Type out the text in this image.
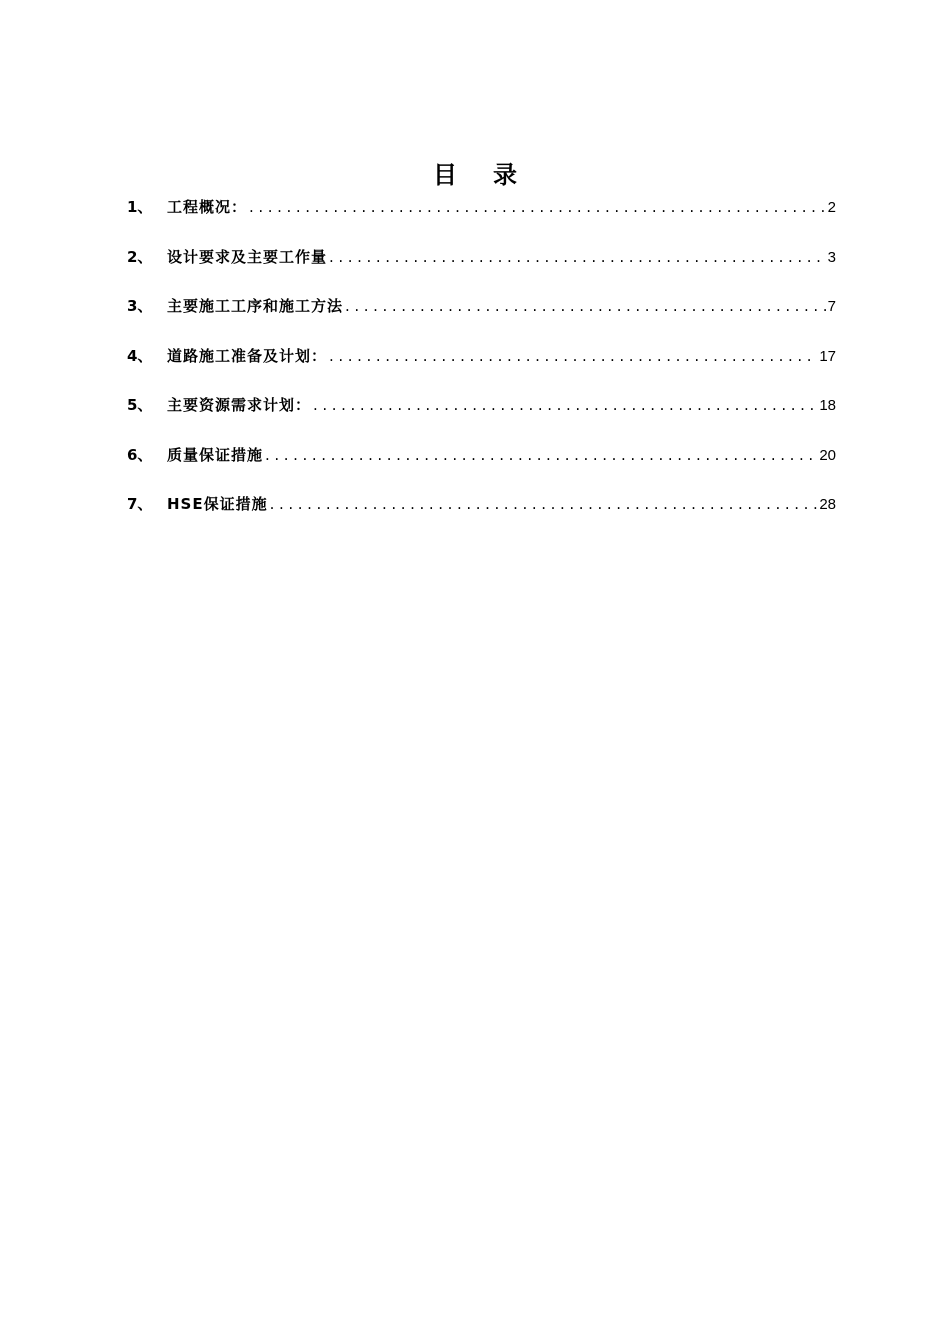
目 录
1、 工程概况： .....	2
2、 设计要求及主要工作量 .....	3
3、 主要施工工序和施工方法 .....	7
4、 道路施工准备及计划： .....	17
5、 主要资源需求计划： .....	18
6、 质量保证措施 .....	20
7、 HSE保证措施 .....	28
